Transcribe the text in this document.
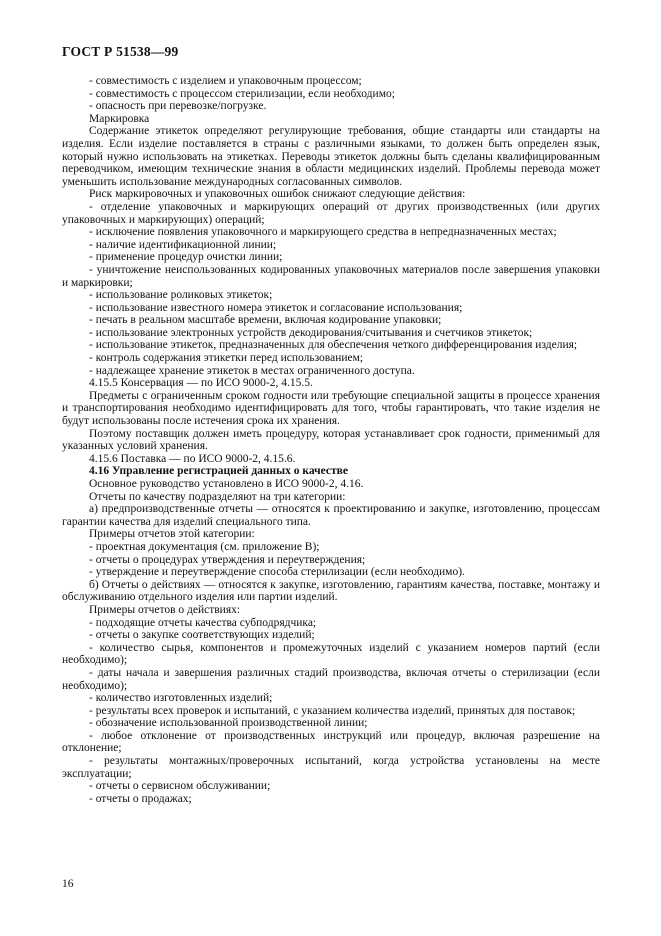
ГОСТ Р 51538—99

- совместимость с изделием и упаковочным процессом;

- совместимость с процессом стерилизации, если необходимо;

- опасность при перевозке/погрузке.

Маркировка

Содержание этикеток определяют регулирующие требования, общие стандарты или стандарты на изделия. Если изделие поставляется в страны с различными языками, то должен быть определен язык, который нужно использовать на этикетках. Переводы этикеток должны быть сделаны квалифицированным переводчиком, имеющим технические знания в области медицинских изделий. Проблемы перевода может уменьшить использование международных согласованных символов.

Риск маркировочных и упаковочных ошибок снижают следующие действия:

- отделение упаковочных и маркирующих операций от других производственных (или других упаковочных и маркирующих) операций;

- исключение появления упаковочного и маркирующего средства в непредназначенных местах;

- наличие идентификационной линии;

- применение процедур очистки линии;

- уничтожение неиспользованных кодированных упаковочных материалов после завершения упаковки и маркировки;

- использование роликовых этикеток;

- использование известного номера этикеток и согласование использования;

- печать в реальном масштабе времени, включая кодирование упаковки;

- использование электронных устройств декодирования/считывания и счетчиков этикеток;

- использование этикеток, предназначенных для обеспечения четкого дифференцирования изделия;

- контроль содержания этикетки перед использованием;

- надлежащее хранение этикеток в местах ограниченного доступа.

4.15.5 Консервация — по ИСО 9000-2, 4.15.5.

Предметы с ограниченным сроком годности или требующие специальной защиты в процессе хранения и транспортирования необходимо идентифицировать для того, чтобы гарантировать, что такие изделия не будут использованы после истечения срока их хранения.

Поэтому поставщик должен иметь процедуру, которая устанавливает срок годности, применимый для указанных условий хранения.

4.15.6 Поставка — по ИСО 9000-2, 4.15.6.

4.16 Управление регистрацией данных о качестве

Основное руководство установлено в ИСО 9000-2, 4.16.

Отчеты по качеству подразделяют на три категории:

а) предпроизводственные отчеты — относятся к проектированию и закупке, изготовлению, процессам гарантии качества для изделий специального типа.

Примеры отчетов этой категории:

- проектная документация (см. приложение В);

- отчеты о процедурах утверждения и переутверждения;

- утверждение и переутверждение способа стерилизации (если необходимо).

б) Отчеты о действиях — относятся к закупке, изготовлению, гарантиям качества, поставке, монтажу и обслуживанию отдельного изделия или партии изделий.

Примеры отчетов о действиях:

- подходящие отчеты качества субподрядчика;

- отчеты о закупке соответствующих изделий;

- количество сырья, компонентов и промежуточных изделий с указанием номеров партий (если необходимо);

- даты начала и завершения различных стадий производства, включая отчеты о стерилизации (если необходимо);

- количество изготовленных изделий;

- результаты всех проверок и испытаний, с указанием количества изделий, принятых для поставок;

- обозначение использованной производственной линии;

- любое отклонение от производственных инструкций или процедур, включая разрешение на отклонение;

- результаты монтажных/проверочных испытаний, когда устройства установлены на месте эксплуатации;

- отчеты о сервисном обслуживании;

- отчеты о продажах;

16
